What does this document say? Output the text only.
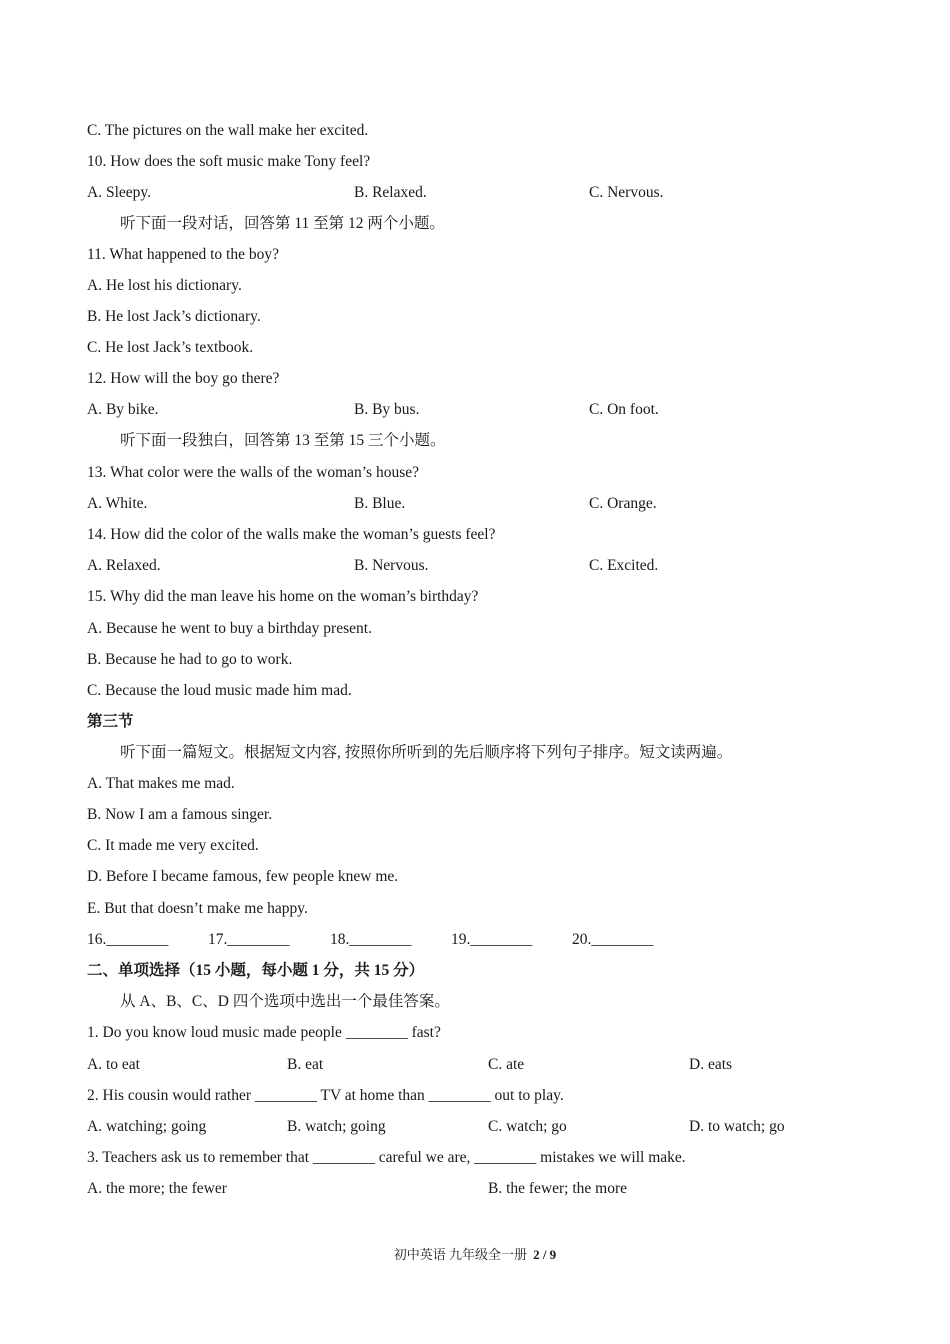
C. The pictures on the wall make her excited.
10. How does the soft music make Tony feel?
A. Sleepy.	B. Relaxed.	C. Nervous.
听下面一段对话，回答第 11 至第 12 两个小题。
11. What happened to the boy?
A. He lost his dictionary.
B. He lost Jack’s dictionary.
C. He lost Jack’s textbook.
12. How will the boy go there?
A. By bike.	B. By bus.	C. On foot.
听下面一段独白，回答第 13 至第 15 三个小题。
13. What color were the walls of the woman’s house?
A. White.	B. Blue.	C. Orange.
14. How did the color of the walls make the woman’s guests feel?
A. Relaxed.	B. Nervous.	C. Excited.
15. Why did the man leave his home on the woman’s birthday?
A. Because he went to buy a birthday present.
B. Because he had to go to work.
C. Because the loud music made him mad.
第三节
听下面一篇短文。根据短文内容, 按照你所听到的先后顺序将下列句子排序。短文读两遍。
A. That makes me mad.
B. Now I am a famous singer.
C. It made me very excited.
D. Before I became famous, few people knew me.
E. But that doesn’t make me happy.
16.________	17.________	18.________	19.________	20.________
二、单项选择（15 小题，每小题 1 分，共 15 分）
从 A、B、C、D 四个选项中选出一个最佳答案。
1. Do you know loud music made people ________ fast?
A. to eat	B. eat	C. ate	D. eats
2. His cousin would rather ________ TV at home than ________ out to play.
A. watching; going	B. watch; going	C. watch; go	D. to watch; go
3. Teachers ask us to remember that ________ careful we are, ________ mistakes we will make.
A. the more; the fewer	B. the fewer; the more
初中英语 九年级全一册 2 / 9
